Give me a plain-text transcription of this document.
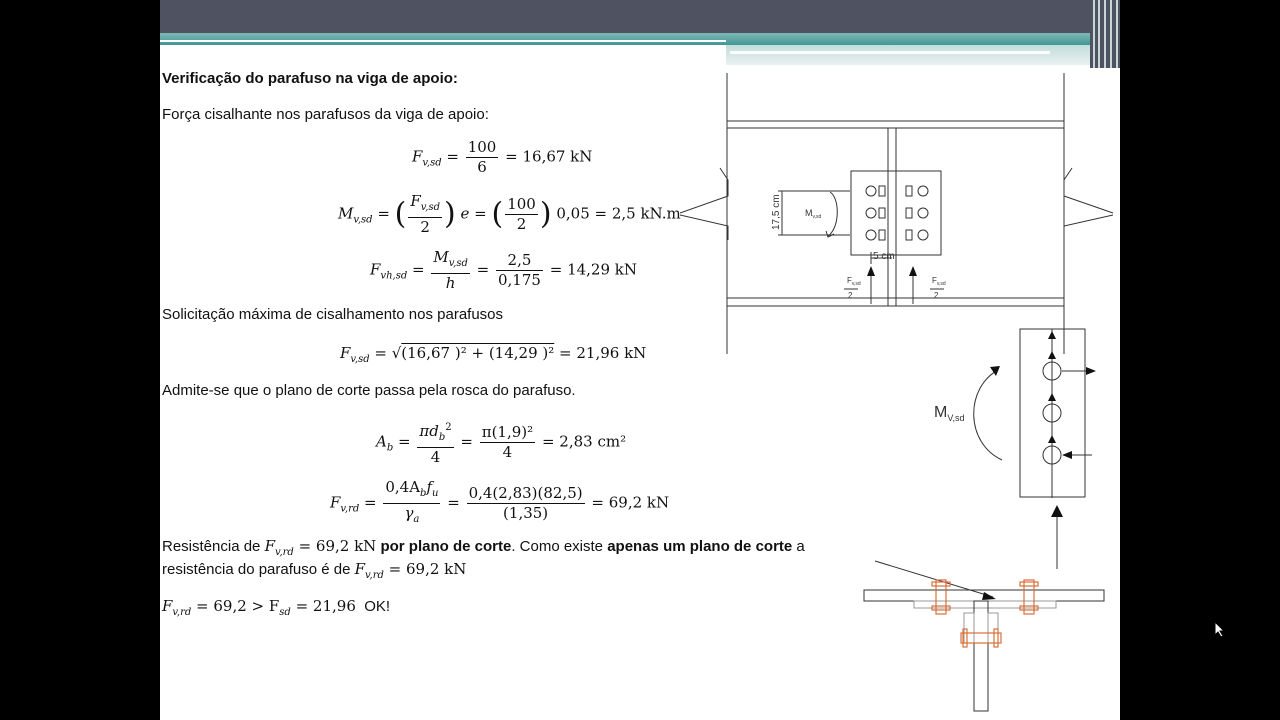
Verificação do parafuso na viga de apoio:
Força cisalhante nos parafusos da viga de apoio:
$F_{v,sd} = \frac{100}{6} = 16,67$ kN
$M_{v,sd}$ = ( $\frac{F_{v,sd}}{2}$ ) e = ( $\frac{100}{2}$ ) 0,05 = 2,5 kN.m
$F_{vh,sd} = \frac{M_{v,sd}}{h} = \frac{2,5}{0,175} = 14,29$ kN
Solicitação máxima de cisalhamento nos parafusos
$F_{v,sd} = √(16,67$ )² + (14,29 )² = 21,96 kN
Admite-se que o plano de corte passa pela rosca do parafuso.
$A_b = \frac{\pi d_b^2}{4} = \frac{\text{π(1,9)²}}{4} = 2,83$ cm²
$F_{v,rd} = \frac{0,4A_bf_u}{\gamma_a} = \frac{0,4(2,83)(82,5)}{(1,35)} = 69,2$ kN
Resistência de $F_{v,rd} = 69,2$ kN por plano de corte. Como existe apenas um plano de corte a
resistência do parafuso é de $F_{v,rd} = 69,2$ kN
$F_{v,rd} = 69,2 > F_{sd} = 21,96$ OK!
17,5 cm
5 cm
$M_{v,sd}$
$F_{v,sd}$
2
$F_{v,sd}$
2
$M_{V,sd}$
